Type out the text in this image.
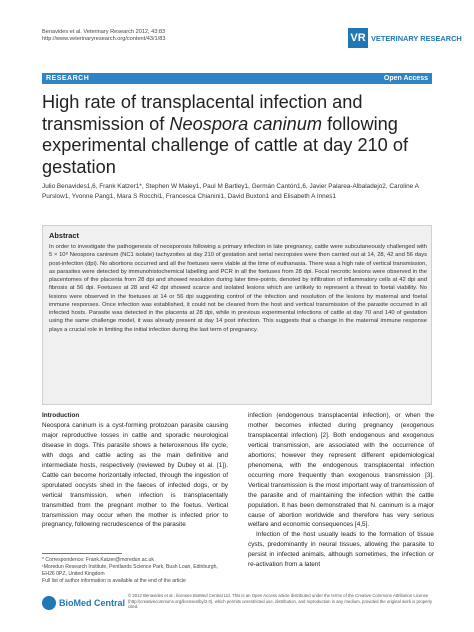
Benavides et al. Veterinary Research 2012, 43:83
http://www.veterinaryresearch.org/content/43/1/83	VR VETERINARY RESEARCH
RESEARCH	Open Access
High rate of transplacental infection and transmission of Neospora caninum following experimental challenge of cattle at day 210 of gestation
Julio Benavides1,6, Frank Katzer1*, Stephen W Maley1, Paul M Bartley1, Germán Cantón1,6, Javier Palarea-Albaladejo2, Caroline A Purslow1, Yvonne Pang1, Mara S Rocchi1, Francesca Chianini1, David Buxton1 and Elisabeth A Innes1
Abstract
In order to investigate the pathogenesis of neosporosis following a primary infection in late pregnancy, cattle were subcutaneously challenged with 5 × 10⁸ Neospora caninum (NC1 isolate) tachyzoites at day 210 of gestation and serial necropsies were then carried out at 14, 28, 42 and 56 days post-infection (dpi). No abortions occurred and all the foetuses were viable at the time of euthanasia. There was a high rate of vertical transmission, as parasites were detected by immunohistochemical labelling and PCR in all the foetuses from 28 dpi. Focal necrotic lesions were observed in the placentomes of the placenta from 28 dpi and showed resolution during later time-points, denoted by infiltration of inflammatory cells at 42 dpi and fibrosis at 56 dpi. Foetuses at 28 and 42 dpi showed scarce and isolated lesions which are unlikely to represent a threat to foetal viability. No lesions were observed in the foetuses at 14 or 56 dpi suggesting control of the infection and resolution of the lesions by maternal and foetal immune responses. Once infection was established, it could not be cleared from the host and vertical transmission of the parasite occurred in all infected hosts. Parasite was detected in the placenta at 28 dpi, while in previous experimental infections of cattle at day 70 and 140 of gestation using the same challenge model, it was already present at day 14 post infection. This suggests that a change in the maternal immune response plays a crucial role in limiting the initial infection during the last term of pregnancy.

Introduction

Neospora caninum is a cyst-forming protozoan parasite causing major reproductive losses in cattle and sporadic neurological disease in dogs. This parasite shows a heteroxenous life cycle, with dogs and cattle acting as the main definitive and intermediate hosts, respectively (reviewed by Dubey et al. [1]). Cattle can become horizontally infected, through the ingestion of sporulated oocysts shed in the faeces of infected dogs, or by vertical transmission, when infection is transplacentally transmitted from the pregnant mother to the foetus. Vertical transmission may occur when the mother is infected prior to pregnancy, following recrudescence of the parasite

infection (endogenous transplacental infection), or when the mother becomes infected during pregnancy (exogenous transplacental infection) [2]. Both endogenous and exogenous vertical transmission, are associated with the occurrence of abortions; however they represent different epidemiological phenomena, with the endogenous transplacental infection occurring more frequently than exogenous transmission [3]. Vertical transmission is the most important way of transmission of the parasite and of maintaining the infection within the cattle population. It has been demonstrated that N. caninum is a major cause of abortion worldwide and therefore has very serious welfare and economic consequences [4,5].

Infection of the host usually leads to the formation of tissue cysts, predominantly in neural tissues, allowing the parasite to persist in infected animals, although sometimes, the infection or re-activation from a latent

* Correspondence: Frank.Katzer@moredun.ac.uk
¹Moredun Research Institute, Pentlands Science Park, Bush Loan, Edinburgh, EH26 0PZ, United Kingdom
Full list of author information is available at the end of the article
BioMed Central
© 2012 Benavides et al.; licensee BioMed Central Ltd. This is an Open Access article distributed under the terms of the Creative Commons Attribution License (http://creativecommons.org/licenses/by/2.0), which permits unrestricted use, distribution, and reproduction in any medium, provided the original work is properly cited.
